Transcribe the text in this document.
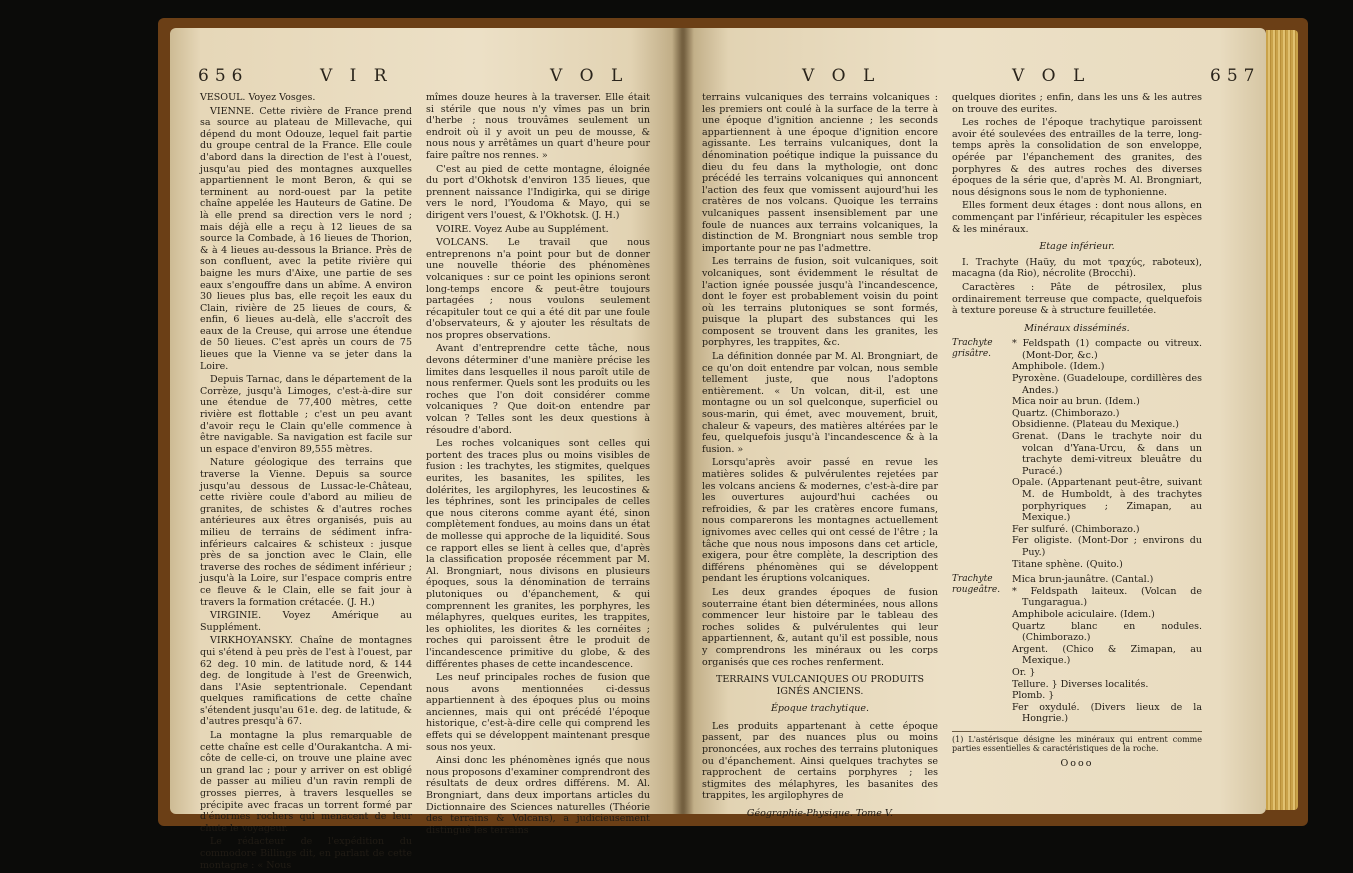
656	V I R	V O L

VESOUL. Voyez Vosges.

VIENNE. Cette rivière de France prend sa source au plateau de Millevache, qui dépend du mont Odouze, lequel fait partie du groupe central de la France. Elle coule d'abord dans la direction de l'est à l'ouest, jusqu'au pied des montagnes auxquelles appartiennent le mont Beron, & qui se terminent au nord-ouest par la petite chaîne appelée les Hauteurs de Gatine. De là elle prend sa direction vers le nord ; mais déjà elle a reçu à 12 lieues de sa source la Combade, à 16 lieues de Thorion, & à 4 lieues au-dessous la Briance. Près de son confluent, avec la petite rivière qui baigne les murs d'Aixe, une partie de ses eaux s'engouffre dans un abîme. A environ 30 lieues plus bas, elle reçoit les eaux du Clain, rivière de 25 lieues de cours, & enfin, 6 lieues au-delà, elle s'accroît des eaux de la Creuse, qui arrose une étendue de 50 lieues. C'est après un cours de 75 lieues que la Vienne va se jeter dans la Loire.

Depuis Tarnac, dans le département de la Corrèze, jusqu'à Limoges, c'est-à-dire sur une étendue de 77,400 mètres, cette rivière est flottable ; c'est un peu avant d'avoir reçu le Clain qu'elle commence à être navigable. Sa navigation est facile sur un espace d'environ 89,555 mètres.

Nature géologique des terrains que traverse la Vienne. Depuis sa source jusqu'au dessous de Lussac-le-Château, cette rivière coule d'abord au milieu de granites, de schistes & d'autres roches antérieures aux êtres organisés, puis au milieu de terrains de sédiment infra-inférieurs calcaires & schisteux : jusque près de sa jonction avec le Clain, elle traverse des roches de sédiment inférieur ; jusqu'à la Loire, sur l'espace compris entre ce fleuve & le Clain, elle se fait jour à travers la formation crétacée. (J. H.)

VIRGINIE. Voyez Amérique au Supplément.

VIRKHOYANSKY. Chaîne de montagnes qui s'étend à peu près de l'est à l'ouest, par 62 deg. 10 min. de latitude nord, & 144 deg. de longitude à l'est de Greenwich, dans l'Asie septentrionale. Cependant quelques ramifications de cette chaîne s'étendent jusqu'au 61e. deg. de latitude, & d'autres presqu'à 67.

La montagne la plus remarquable de cette chaîne est celle d'Ourakantcha. A mi-côte de celle-ci, on trouve une plaine avec un grand lac ; pour y arriver on est obligé de passer au milieu d'un ravin rempli de grosses pierres, à travers lesquelles se précipite avec fracas un torrent formé par d'énormes rochers qui menacent de leur chute le voyageur.

Le rédacteur de l'expédition du commodore Billings dit, en parlant de cette montagne : « Nous

mîmes douze heures à la traverser. Elle était si stérile que nous n'y vîmes pas un brin d'herbe ; nous trouvâmes seulement un endroit où il y avoit un peu de mousse, & nous nous y arrêtâmes un quart d'heure pour faire paître nos rennes. »

C'est au pied de cette montagne, éloignée du port d'Okhotsk d'environ 135 lieues, que prennent naissance l'Indigirka, qui se dirige vers le nord, l'Youdoma & Mayo, qui se dirigent vers l'ouest, & l'Okhotsk. (J. H.)

VOIRE. Voyez Aube au Supplément.

VOLCANS. Le travail que nous entreprenons n'a point pour but de donner une nouvelle théorie des phénomènes volcaniques : sur ce point les opinions seront long-temps encore & peut-être toujours partagées ; nous voulons seulement récapituler tout ce qui a été dit par une foule d'observateurs, & y ajouter les résultats de nos propres observations.

Avant d'entreprendre cette tâche, nous devons déterminer d'une manière précise les limites dans lesquelles il nous paroît utile de nous renfermer. Quels sont les produits ou les roches que l'on doit considérer comme volcaniques ? Que doit-on entendre par volcan ? Telles sont les deux questions à résoudre d'abord.

Les roches volcaniques sont celles qui portent des traces plus ou moins visibles de fusion : les trachytes, les stigmites, quelques eurites, les basanites, les spilites, les dolérites, les argilophyres, les leucostines & les téphrines, sont les principales de celles que nous citerons comme ayant été, sinon complètement fondues, au moins dans un état de mollesse qui approche de la liquidité. Sous ce rapport elles se lient à celles que, d'après la classification proposée récemment par M. Al. Brongniart, nous divisons en plusieurs époques, sous la dénomination de terrains plutoniques ou d'épanchement, & qui comprennent les granites, les porphyres, les mélaphyres, quelques eurites, les trappites, les ophiolites, les diorites & les cornéites ; roches qui paroissent être le produit de l'incandescence primitive du globe, & des différentes phases de cette incandescence.

Les neuf principales roches de fusion que nous avons mentionnées ci-dessus appartiennent à des époques plus ou moins anciennes, mais qui ont précédé l'époque historique, c'est-à-dire celle qui comprend les effets qui se développent maintenant presque sous nos yeux.

Ainsi donc les phénomènes ignés que nous nous proposons d'examiner comprendront des résultats de deux ordres différens. M. Al. Brongniart, dans deux importans articles du Dictionnaire des Sciences naturelles (Théorie des terrains & Volcans), a judicieusement distingué les terrains

V O L	V O L	657

terrains vulcaniques des terrains volcaniques : les premiers ont coulé à la surface de la terre à une époque d'ignition ancienne ; les seconds appartiennent à une époque d'ignition encore agissante. Les terrains vulcaniques, dont la dénomination poétique indique la puissance du dieu du feu dans la mythologie, ont donc précédé les terrains volcaniques qui annoncent l'action des feux que vomissent aujourd'hui les cratères de nos volcans. Quoique les terrains vulcaniques passent insensiblement par une foule de nuances aux terrains volcaniques, la distinction de M. Brongniart nous semble trop importante pour ne pas l'admettre.

Les terrains de fusion, soit vulcaniques, soit volcaniques, sont évidemment le résultat de l'action ignée poussée jusqu'à l'incandescence, dont le foyer est probablement voisin du point où les terrains plutoniques se sont formés, puisque la plupart des substances qui les composent se trouvent dans les granites, les porphyres, les trappites, &c.

La définition donnée par M. Al. Brongniart, de ce qu'on doit entendre par volcan, nous semble tellement juste, que nous l'adoptons entièrement. « Un volcan, dit-il, est une montagne ou un sol quelconque, superficiel ou sous-marin, qui émet, avec mouvement, bruit, chaleur & vapeurs, des matières altérées par le feu, quelquefois jusqu'à l'incandescence & à la fusion. »

Lorsqu'après avoir passé en revue les matières solides & pulvérulentes rejetées par les volcans anciens & modernes, c'est-à-dire par les ouvertures aujourd'hui cachées ou refroidies, & par les cratères encore fumans, nous comparerons les montagnes actuellement ignivomes avec celles qui ont cessé de l'être ; la tâche que nous nous imposons dans cet article, exigera, pour être complète, la description des différens phénomènes qui se développent pendant les éruptions volcaniques.

Les deux grandes époques de fusion souterraine étant bien déterminées, nous allons commencer leur histoire par le tableau des roches solides & pulvérulentes qui leur appartiennent, &, autant qu'il est possible, nous y comprendrons les minéraux ou les corps organisés que ces roches renferment.

TERRAINS VULCANIQUES OU PRODUITS IGNÉS ANCIENS.

Époque trachytique.

Les produits appartenant à cette époque passent, par des nuances plus ou moins prononcées, aux roches des terrains plutoniques ou d'épanchement. Ainsi quelques trachytes se rapprochent de certains porphyres ; les stigmites des mélaphyres, les basanites des trappites, les argilophyres de

Géographie-Physique. Tome V.

quelques diorites ; enfin, dans les uns & les autres on trouve des eurites.

Les roches de l'époque trachytique paroissent avoir été soulevées des entrailles de la terre, long-temps après la consolidation de son enveloppe, opérée par l'épanchement des granites, des porphyres & des autres roches des diverses époques de la série que, d'après M. Al. Brongniart, nous désignons sous le nom de typhonienne.

Elles forment deux étages : dont nous allons, en commençant par l'inférieur, récapituler les espèces & les minéraux.

Etage inférieur.

I. Trachyte (Haüy, du mot τραχύς, raboteux), macagna (da Rio), nécrolite (Brocchi).

Caractères : Pâte de pétrosilex, plus ordinairement terreuse que compacte, quelquefois à texture poreuse & à structure feuilletée.

Minéraux disséminés.
Trachyte grisâtre.
* Feldspath (1) compacte ou vitreux. (Mont-Dor, &c.)
Amphibole. (Idem.)
Pyroxène. (Guadeloupe, cordillères des Andes.)
Mica noir au brun. (Idem.)
Quartz. (Chimborazo.)
Obsidienne. (Plateau du Mexique.)
Grenat. (Dans le trachyte noir du volcan d'Yana-Urcu, & dans un trachyte demi-vitreux bleuâtre du Puracé.)
Opale. (Appartenant peut-être, suivant M. de Humboldt, à des trachytes porphyriques ; Zimapan, au Mexique.)
Fer sulfuré. (Chimborazo.)
Fer oligiste. (Mont-Dor ; environs du Puy.)
Titane sphène. (Quito.)
Trachyte rougeâtre.
Mica brun-jaunâtre. (Cantal.)
* Feldspath laiteux. (Volcan de Tungaragua.)
Amphibole aciculaire. (Idem.)
Quartz blanc en nodules. (Chimborazo.)
Argent. (Chico & Zimapan, au Mexique.)
Or. }
Tellure. } Diverses localités.
Plomb. }
Fer oxydulé. (Divers lieux de la Hongrie.)
(1) L'astérisque désigne les minéraux qui entrent comme parties essentielles & caractéristiques de la roche.
Oooo
